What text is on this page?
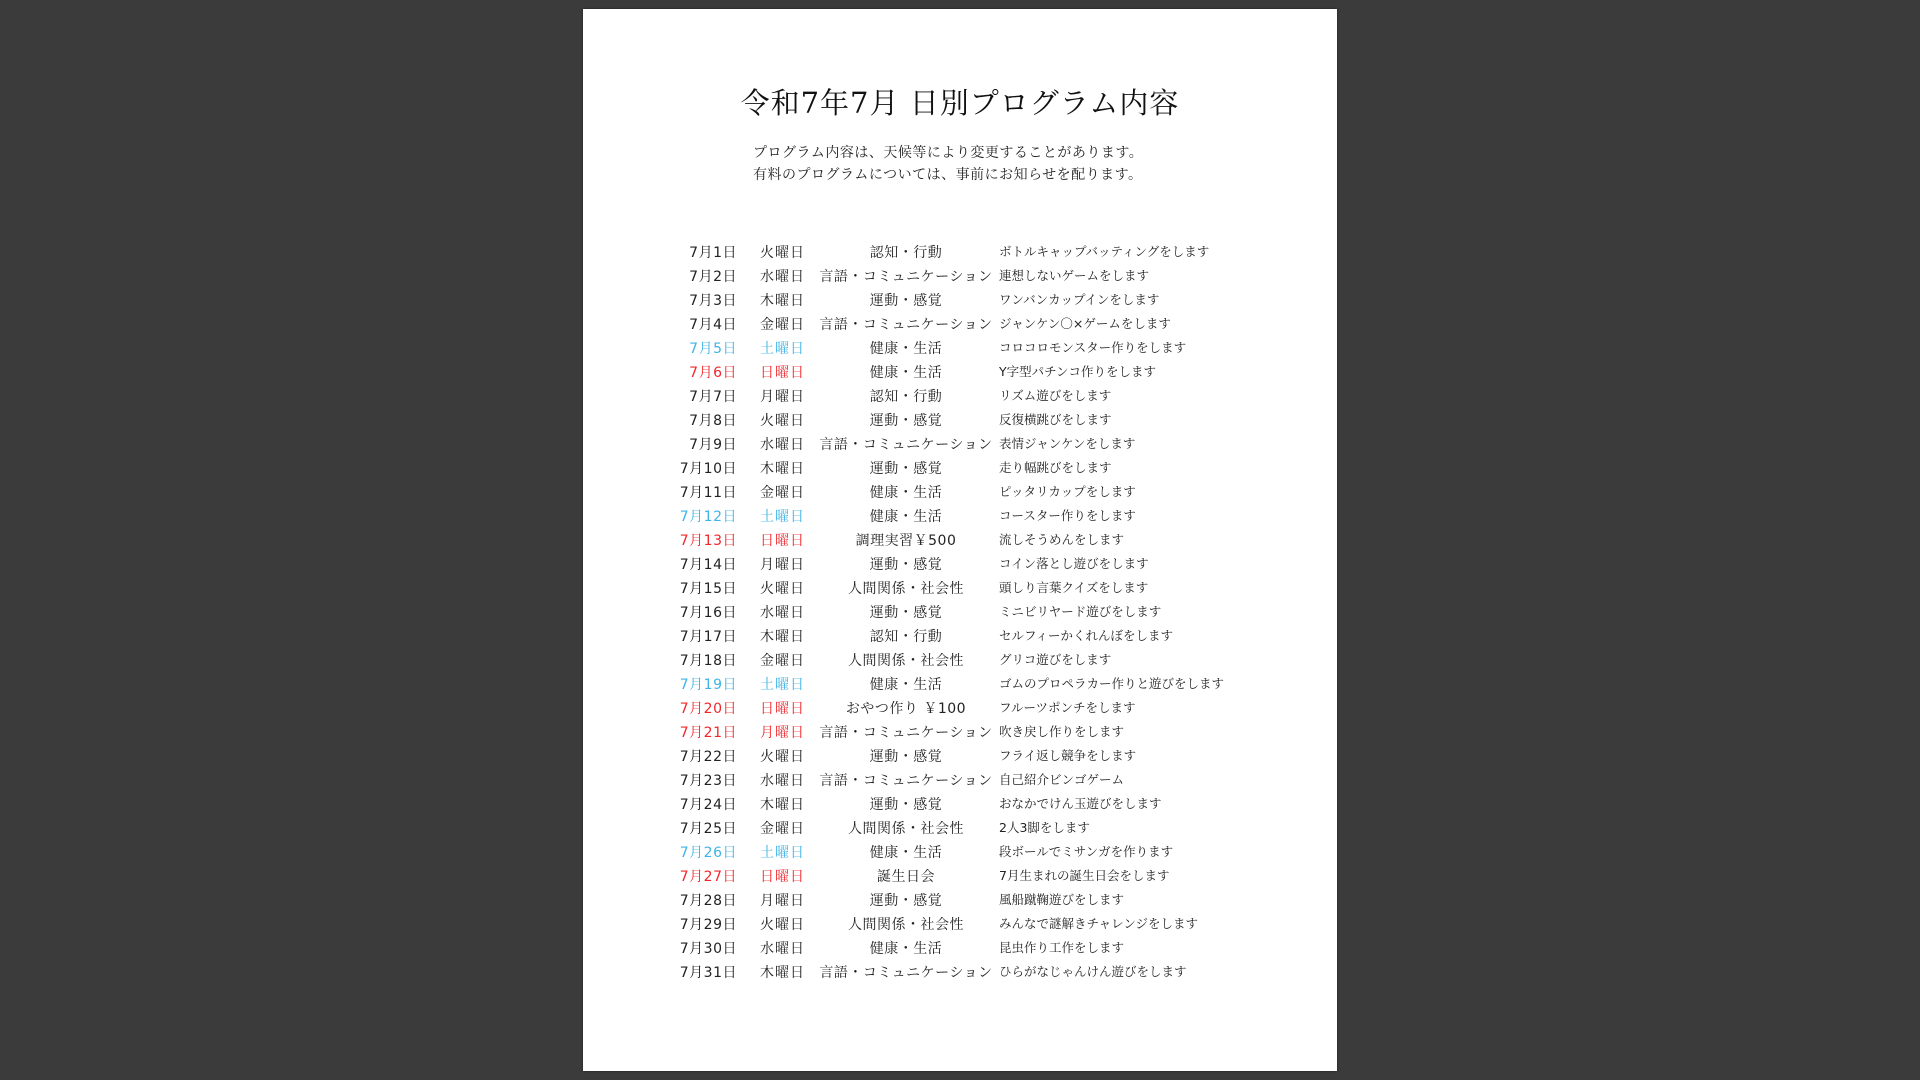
令和7年7月 日別プログラム内容
プログラム内容は、天候等により変更することがあります。
有料のプログラムについては、事前にお知らせを配ります。
7月1日 火曜日	認知・行動	ボトルキャップバッティングをします
7月2日 水曜日	言語・コミュニケーション 連想しないゲームをします
7月3日 木曜日	運動・感覚	ワンバンカップインをします
7月4日 金曜日	言語・コミュニケーション ジャンケン〇×ゲームをします
7月5日 土曜日	健康・生活	コロコロモンスター作りをします
7月6日 日曜日	健康・生活	Y字型パチンコ作りをします
7月7日 月曜日	認知・行動	リズム遊びをします
7月8日 火曜日	運動・感覚	反復横跳びをします
7月9日 水曜日	言語・コミュニケーション 表情ジャンケンをします
7月10日 木曜日	運動・感覚	走り幅跳びをします
7月11日 金曜日	健康・生活	ピッタリカップをします
7月12日 土曜日	健康・生活	コースター作りをします
7月13日 日曜日	調理実習￥500	流しそうめんをします
7月14日 月曜日	運動・感覚	コイン落とし遊びをします
7月15日 火曜日	人間関係・社会性	頭しり言葉クイズをします
7月16日 水曜日	運動・感覚	ミニビリヤード遊びをします
7月17日 木曜日	認知・行動	セルフィーかくれんぼをします
7月18日 金曜日	人間関係・社会性	グリコ遊びをします
7月19日 土曜日	健康・生活	ゴムのプロペラカー作りと遊びをします
7月20日 日曜日	おやつ作り ￥100	フルーツポンチをします
7月21日 月曜日	言語・コミュニケーション 吹き戻し作りをします
7月22日 火曜日	運動・感覚	フライ返し競争をします
7月23日 水曜日	言語・コミュニケーション 自己紹介ビンゴゲーム
7月24日 木曜日	運動・感覚	おなかでけん玉遊びをします
7月25日 金曜日	人間関係・社会性	2人3脚をします
7月26日 土曜日	健康・生活	段ボールでミサンガを作ります
7月27日 日曜日	誕生日会	7月生まれの誕生日会をします
7月28日 月曜日	運動・感覚	風船蹴鞠遊びをします
7月29日 火曜日	人間関係・社会性	みんなで謎解きチャレンジをします
7月30日 水曜日	健康・生活	昆虫作り工作をします
7月31日 木曜日	言語・コミュニケーション ひらがなじゃんけん遊びをします
